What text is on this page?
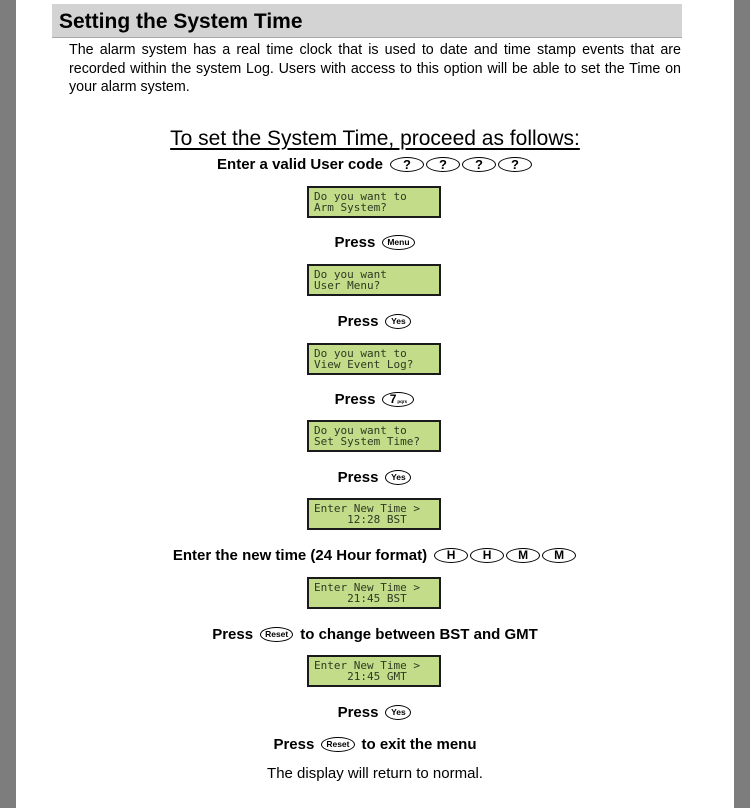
Setting the System Time

The alarm system has a real time clock that is used to date and time stamp events that are recorded within the system Log. Users with access to this option will be able to set the Time on your alarm system.

To set the System Time, proceed as follows:
Enter a valid User code	?	?	?	?
Do you want to
Arm System?
Press	Menu
Do you want
User Menu?
Press	Yes
Do you want to
View Event Log?
Press 7 pqrs
Do you want to
Set System Time?
Press	Yes
Enter New Time >
12:28 BST
Enter the new time (24 Hour format)	H	H	M	M
Enter New Time >
21:45 BST
Press	Reset to change between BST and GMT
Enter New Time >
21:45 GMT
Press	Yes
Press	Reset to exit the menu
The display will return to normal.
